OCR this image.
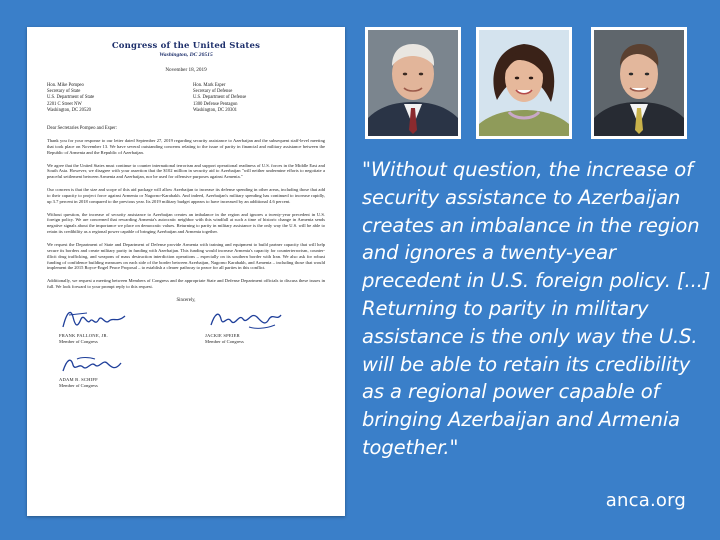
Congress of the United States
Washington, DC 20515
November 18, 2019
Hon. Mike Pompeo
Secretary of State
U.S. Department of State
2201 C Street NW
Washington, DC 20520
Hon. Mark Esper
Secretary of Defense
U.S. Department of Defense
1300 Defense Pentagon
Washington, DC 20301
Dear Secretaries Pompeo and Esper:
Thank you for your response to our letter dated September 27, 2019 regarding security assistance to Azerbaijan and the subsequent staff-level meeting that took place on November 13. We have several outstanding concerns relating to the issue of parity in financial and military assistance between the Republic of Armenia and the Republic of Azerbaijan.
We agree that the United States must continue to counter international terrorism and support operational readiness of U.S. forces in the Middle East and South Asia. However, we disagree with your assertion that the $102 million in security aid to Azerbaijan "will neither undermine efforts to negotiate a peaceful settlement between Armenia and Azerbaijan, nor be used for offensive purposes against Armenia."
Our concern is that the size and scope of this aid package will allow Azerbaijan to increase its defense spending in other areas, including those that add to their capacity to project force against Armenia or Nagorno-Karabakh. And indeed, Azerbaijan's military spending has continued to increase rapidly, up 3.7 percent in 2018 compared to the previous year. Its 2019 military budget appears to have increased by an additional 4.6 percent.
Without question, the increase of security assistance to Azerbaijan creates an imbalance in the region and ignores a twenty-year precedent in U.S. foreign policy. We are concerned that rewarding Armenia's autocratic neighbor with this windfall at such a time of historic change in Armenia sends negative signals about the importance we place on democratic values. Returning to parity in military assistance is the only way the U.S. will be able to retain its credibility as a regional power capable of bringing Azerbaijan and Armenia together.
We request the Department of State and Department of Defense provide Armenia with training and equipment to build partner capacity that will help secure its borders and create military parity in funding with Azerbaijan. This funding would increase Armenia's capacity for counterterrorism, counter-illicit drug trafficking, and weapons of mass destruction interdiction operations – especially on its southern border with Iran. We also ask for robust funding of confidence building measures on each side of the border between Azerbaijan, Nagorno Karabakh, and Armenia – including those that would implement the 2015 Royce-Engel Peace Proposal – to establish a clearer pathway to peace for all parties in this conflict.
Additionally, we request a meeting between Members of Congress and the appropriate State and Defense Department officials to discuss these issues in full. We look forward to your prompt reply to this request.
Sincerely,
FRANK PALLONE, JR.
Member of Congress
JACKIE SPEIER
Member of Congress
ADAM B. SCHIFF
Member of Congress
"Without question, the increase of security assistance to Azerbaijan creates an imbalance in the region and ignores a twenty-year precedent in U.S. foreign policy. [...] Returning to parity in military assistance is the only way the U.S. will be able to retain its credibility as a regional power capable of bringing Azerbaijan and Armenia together."
anca.org
